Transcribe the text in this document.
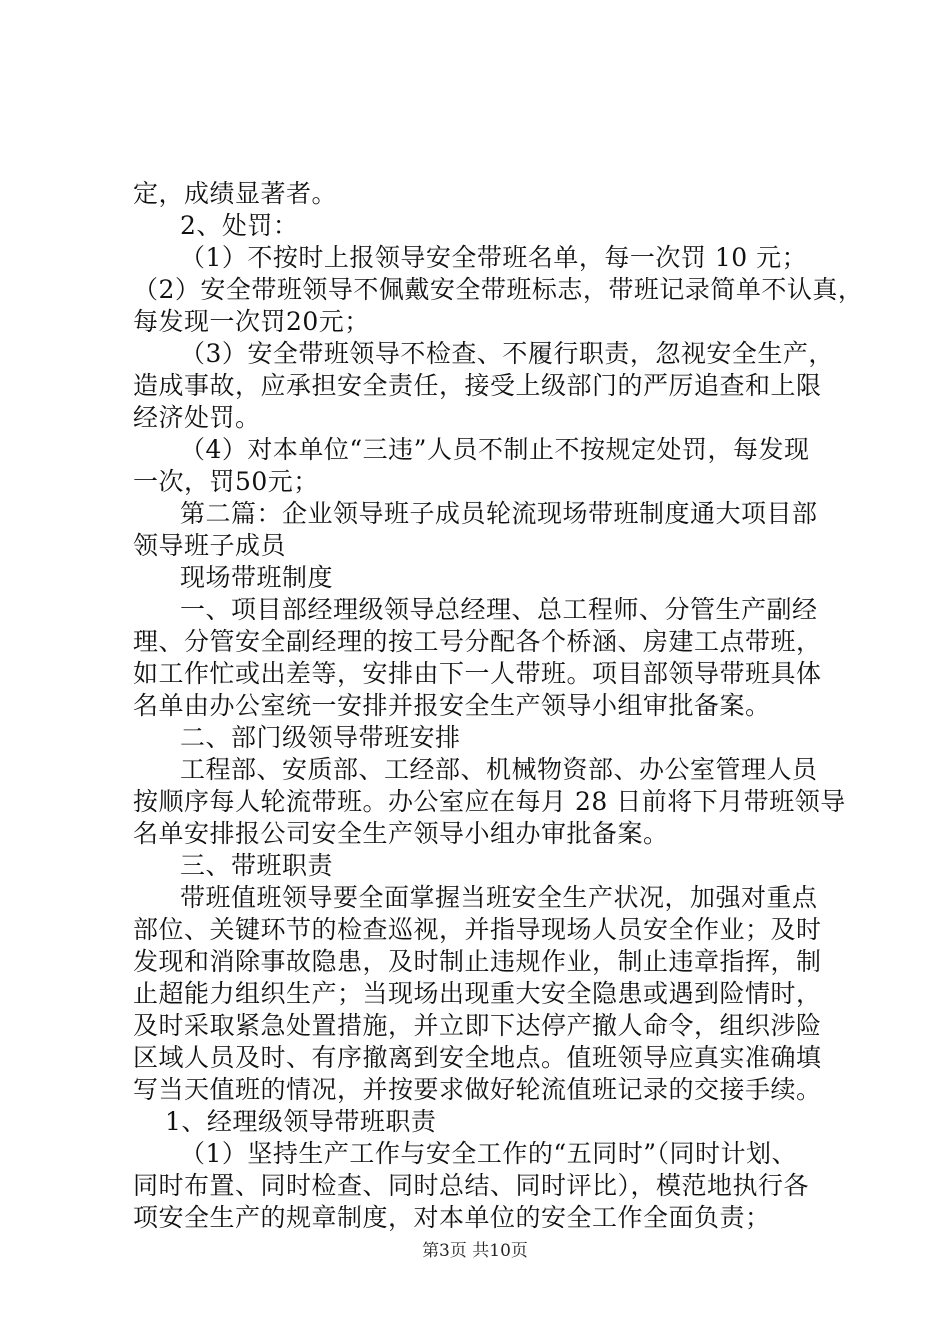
定，成绩显著者。
2、处罚：
（1）不按时上报领导安全带班名单，每一次罚 10 元；
（2）安全带班领导不佩戴安全带班标志，带班记录简单不认真，
每发现一次罚20元；
（3）安全带班领导不检查、不履行职责，忽视安全生产，
造成事故，应承担安全责任，接受上级部门的严厉追查和上限
经济处罚。
（4）对本单位“三违”人员不制止不按规定处罚，每发现
一次，罚50元；
第二篇：企业领导班子成员轮流现场带班制度通大项目部
领导班子成员
现场带班制度
一、项目部经理级领导总经理、总工程师、分管生产副经
理、分管安全副经理的按工号分配各个桥涵、房建工点带班，
如工作忙或出差等，安排由下一人带班。项目部领导带班具体
名单由办公室统一安排并报安全生产领导小组审批备案。
二、部门级领导带班安排
工程部、安质部、工经部、机械物资部、办公室管理人员
按顺序每人轮流带班。办公室应在每月 28 日前将下月带班领导
名单安排报公司安全生产领导小组办审批备案。
三、带班职责
带班值班领导要全面掌握当班安全生产状况，加强对重点
部位、关键环节的检查巡视，并指导现场人员安全作业；及时
发现和消除事故隐患，及时制止违规作业，制止违章指挥，制
止超能力组织生产；当现场出现重大安全隐患或遇到险情时，
及时采取紧急处置措施，并立即下达停产撤人命令，组织涉险
区域人员及时、有序撤离到安全地点。值班领导应真实准确填
写当天值班的情况，并按要求做好轮流值班记录的交接手续。
1、经理级领导带班职责
（1）坚持生产工作与安全工作的“五同时”（同时计划、
同时布置、同时检查、同时总结、同时评比），模范地执行各
项安全生产的规章制度，对本单位的安全工作全面负责；
第3页 共10页
